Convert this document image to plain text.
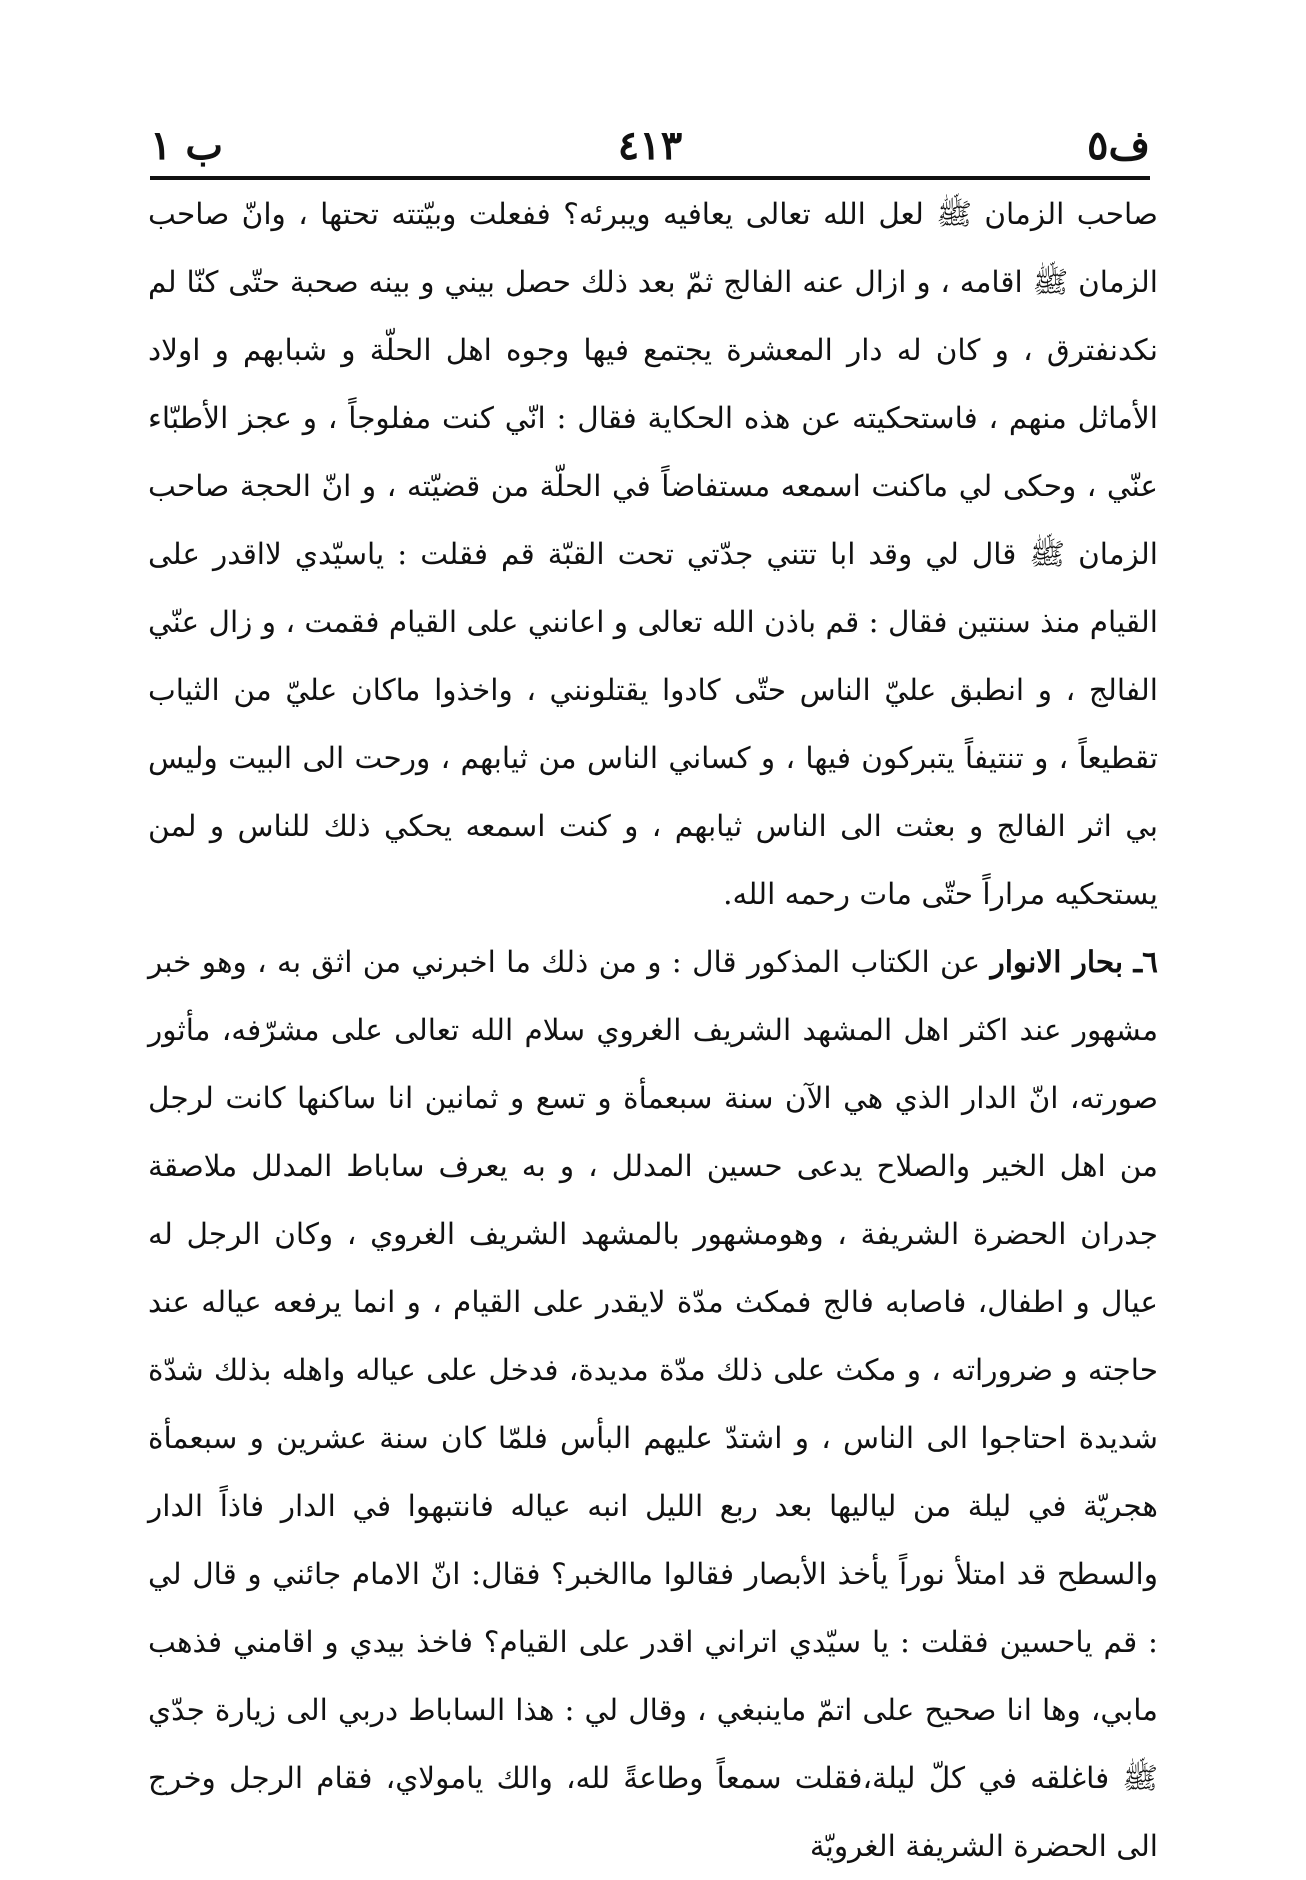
ف٥
٤١٣
ب ١

صاحب الزمان ﷺ لعل الله تعالى يعافيه ويبرئه؟ ففعلت وبيّتته تحتها ، وانّ صاحب الزمان ﷺ اقامه ، و ازال عنه الفالج ثمّ بعد ذلك حصل بيني و بينه صحبة حتّى كنّا لم نكدنفترق ، و كان له دار المعشرة يجتمع فيها وجوه اهل الحلّة و شبابهم و اولاد الأماثل منهم ، فاستحكيته عن هذه الحكاية فقال : انّي كنت مفلوجاً ، و عجز الأطبّاء عنّي ، وحكى لي ماكنت اسمعه مستفاضاً في الحلّة من قضيّته ، و انّ الحجة صاحب الزمان ﷺ قال لي وقد ابا تتني جدّتي تحت القبّة قم فقلت : ياسيّدي لااقدر على القيام منذ سنتين فقال : قم باذن الله تعالى و اعانني على القيام فقمت ، و زال عنّي الفالج ، و انطبق عليّ الناس حتّى كادوا يقتلونني ، واخذوا ماكان عليّ من الثياب تقطيعاً ، و تنتيفاً يتبركون فيها ، و كساني الناس من ثيابهم ، ورحت الى البيت وليس بي اثر الفالج و بعثت الى الناس ثيابهم ، و كنت اسمعه يحكي ذلك للناس و لمن يستحكيه مراراً حتّى مات رحمه الله.

٦ـ بحار الانوار عن الكتاب المذكور قال : و من ذلك ما اخبرني من اثق به ، وهو خبر مشهور عند اكثر اهل المشهد الشريف الغروي سلام الله تعالى على مشرّفه، مأثور صورته، انّ الدار الذي هي الآن سنة سبعمأة و تسع و ثمانين انا ساكنها كانت لرجل من اهل الخير والصلاح يدعى حسين المدلل ، و به يعرف ساباط المدلل ملاصقة جدران الحضرة الشريفة ، وهومشهور بالمشهد الشريف الغروي ، وكان الرجل له عيال و اطفال، فاصابه فالج فمكث مدّة لايقدر على القيام ، و انما يرفعه عياله عند حاجته و ضروراته ، و مكث على ذلك مدّة مديدة، فدخل على عياله واهله بذلك شدّة شديدة احتاجوا الى الناس ، و اشتدّ عليهم البأس فلمّا كان سنة عشرين و سبعمأة هجريّة في ليلة من لياليها بعد ربع الليل انبه عياله فانتبهوا في الدار فاذاً الدار والسطح قد امتلأ نوراً يأخذ الأبصار فقالوا ماالخبر؟ فقال: انّ الامام جائني و قال لي : قم ياحسين فقلت : يا سيّدي اتراني اقدر على القيام؟ فاخذ بيدي و اقامني فذهب مابي، وها انا صحيح على اتمّ ماينبغي ، وقال لي : هذا الساباط دربي الى زيارة جدّي ﷺ فاغلقه في كلّ ليلة،فقلت سمعاً وطاعةً لله، والك يامولاي، فقام الرجل وخرج الى الحضرة الشريفة الغرويّة
